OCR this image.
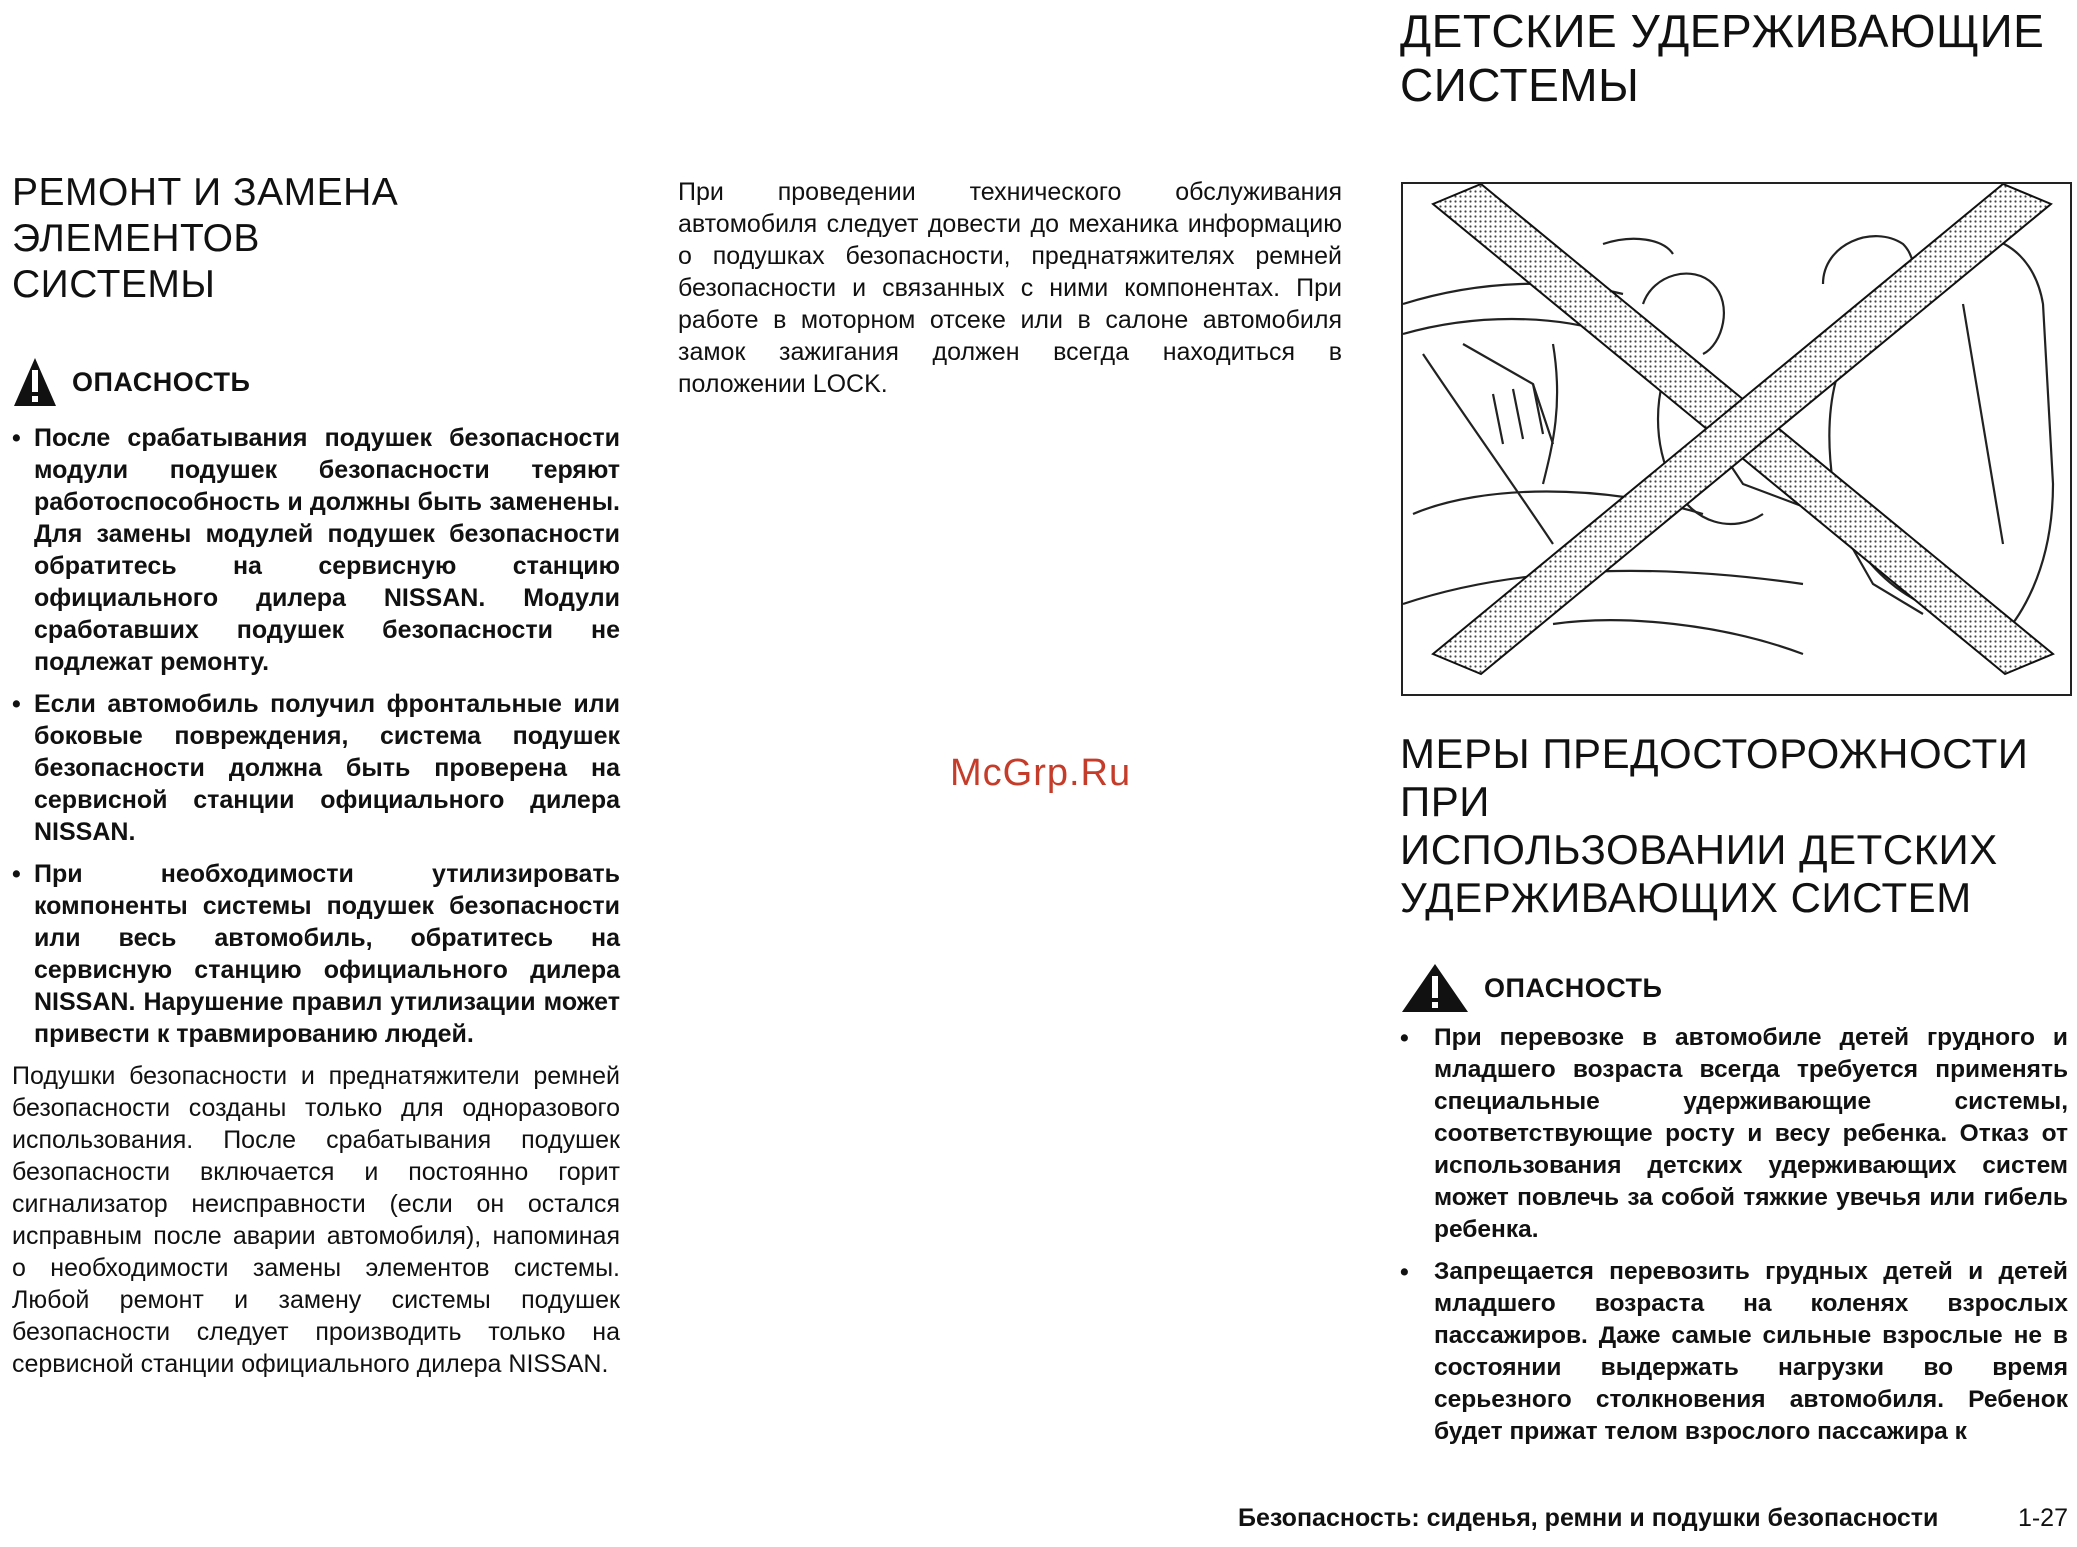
РЕМОНТ И ЗАМЕНА ЭЛЕМЕНТОВ
СИСТЕМЫ
ОПАСНОСТЬ
• После срабатывания подушек безопасности модули подушек безопасности теряют работоспособность и должны быть заменены. Для замены модулей подушек безопасности обратитесь на сервисную станцию официального дилера NISSAN. Модули сработавших подушек безопасности не подлежат ремонту.
• Если автомобиль получил фронтальные или боковые повреждения, система подушек безопасности должна быть проверена на сервисной станции официального дилера NISSAN.
• При необходимости утилизировать компоненты системы подушек безопасности или весь автомобиль, обратитесь на сервисную станцию официального дилера NISSAN. Нарушение правил утилизации может привести к травмированию людей.

Подушки безопасности и преднатяжители ремней безопасности созданы только для одноразового использования. После срабатывания подушек безопасности включается и постоянно горит сигнализатор неисправности (если он остался исправным после аварии автомобиля), напоминая о необходимости замены элементов системы. Любой ремонт и замену системы подушек безопасности следует производить только на сервисной станции официального дилера NISSAN.

При проведении технического обслуживания автомобиля следует довести до механика информацию о подушках безопасности, преднатяжителях ремней безопасности и связанных с ними компонентах. При работе в моторном отсеке или в салоне автомобиля замок зажигания должен всегда находиться в положении LOCK.

McGrp.Ru
ДЕТСКИЕ УДЕРЖИВАЮЩИЕ
СИСТЕМЫ
МЕРЫ ПРЕДОСТОРОЖНОСТИ ПРИ
ИСПОЛЬЗОВАНИИ ДЕТСКИХ
УДЕРЖИВАЮЩИХ СИСТЕМ
ОПАСНОСТЬ
• При перевозке в автомобиле детей грудного и младшего возраста всегда требуется применять специальные удерживающие системы, соответствующие росту и весу ребенка. Отказ от использования детских удерживающих систем может повлечь за собой тяжкие увечья или гибель ребенка.
• Запрещается перевозить грудных детей и детей младшего возраста на коленях взрослых пассажиров. Даже самые сильные взрослые не в состоянии выдержать нагрузки во время серьезного столкновения автомобиля. Ребенок будет прижат телом взрослого пассажира к
Безопасность: сиденья, ремни и подушки безопасности	1-27
